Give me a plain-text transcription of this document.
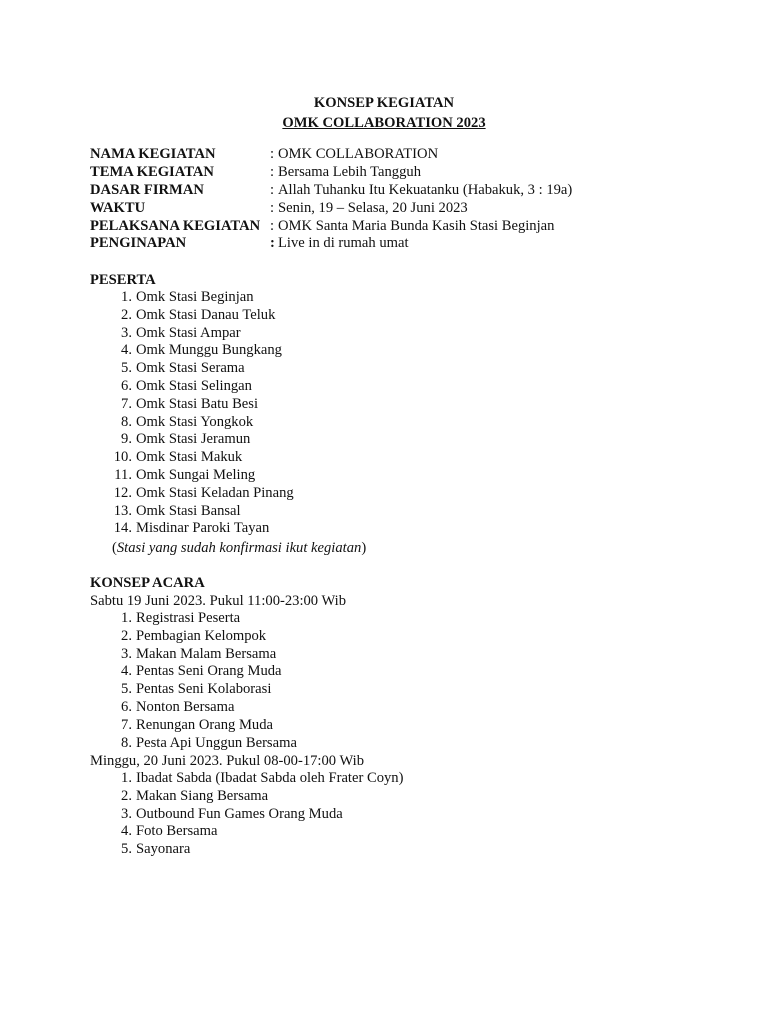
KONSEP KEGIATAN
OMK COLLABORATION 2023
NAMA KEGIATAN	: OMK COLLABORATION
TEMA KEGIATAN	: Bersama Lebih Tangguh
DASAR FIRMAN	: Allah Tuhanku Itu Kekuatanku (Habakuk, 3 : 19a)
WAKTU	: Senin, 19 – Selasa, 20 Juni 2023
PELAKSANA KEGIATAN : OMK Santa Maria Bunda Kasih Stasi Beginjan
PENGINAPAN	: Live in di rumah umat
PESERTA
1. Omk Stasi Beginjan
2. Omk Stasi Danau Teluk
3. Omk Stasi Ampar
4. Omk Munggu Bungkang
5. Omk Stasi Serama
6. Omk Stasi Selingan
7. Omk Stasi Batu Besi
8. Omk Stasi Yongkok
9. Omk Stasi Jeramun
10. Omk Stasi Makuk
11. Omk Sungai Meling
12. Omk Stasi Keladan Pinang
13. Omk Stasi Bansal
14. Misdinar Paroki Tayan
(Stasi yang sudah konfirmasi ikut kegiatan)
KONSEP ACARA
Sabtu 19 Juni 2023. Pukul 11:00-23:00 Wib
1. Registrasi Peserta
2. Pembagian Kelompok
3. Makan Malam Bersama
4. Pentas Seni Orang Muda
5. Pentas Seni Kolaborasi
6. Nonton Bersama
7. Renungan Orang Muda
8. Pesta Api Unggun Bersama
Minggu, 20 Juni 2023. Pukul 08-00-17:00 Wib
1. Ibadat Sabda (Ibadat Sabda oleh Frater Coyn)
2. Makan Siang Bersama
3. Outbound Fun Games Orang Muda
4. Foto Bersama
5. Sayonara
